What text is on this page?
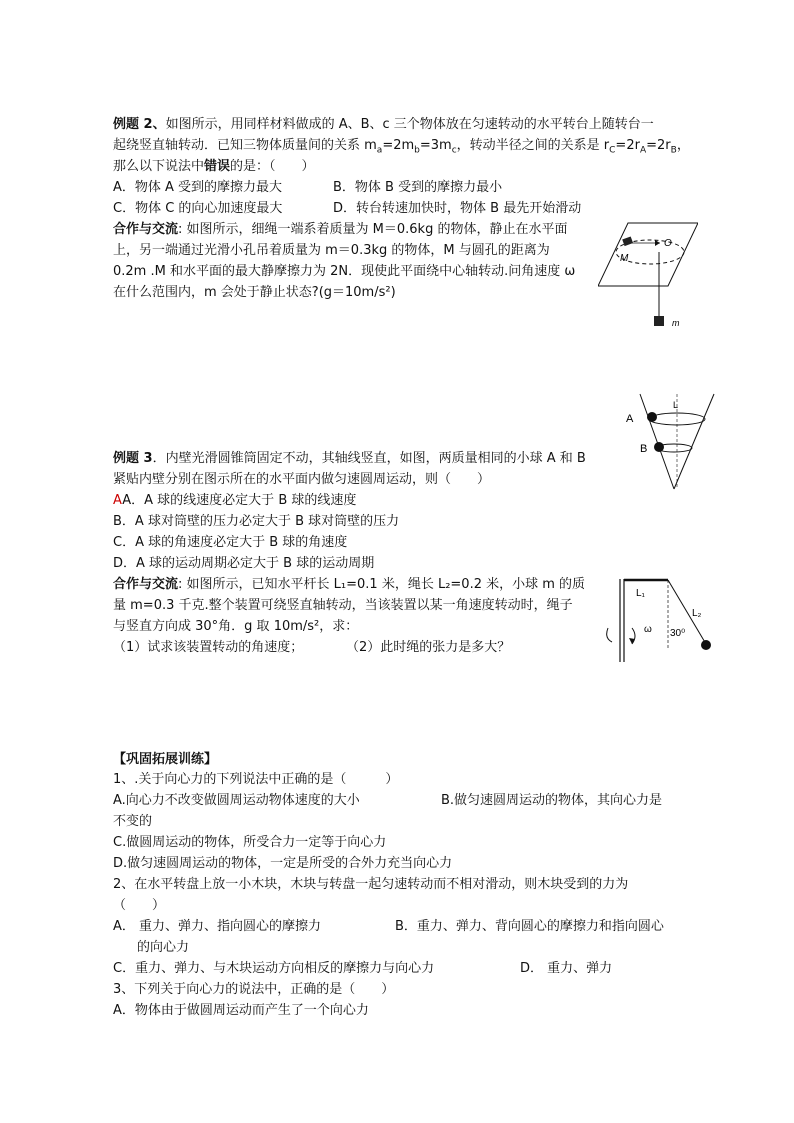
例题 2、如图所示，用同样材料做成的 A、B、c 三个物体放在匀速转动的水平转台上随转台一
起绕竖直轴转动．已知三物体质量间的关系 $m_a=2m_b=3m_c$，转动半径之间的关系是 $r_C=2r_A=2r_B$，
那么以下说法中错误的是：（　　）
A．物体 A 受到的摩擦力最大	B．物体 B 受到的摩擦力最小
C．物体 C 的向心加速度最大	D．转台转速加快时，物体 B 最先开始滑动
合作与交流: 如图所示，细绳一端系着质量为 M＝0.6kg 的物体，静止在水平面
上，另一端通过光滑小孔吊着质量为 m＝0.3kg 的物体，M 与圆孔的距离为
0.2m .M 和水平面的最大静摩擦力为 2N．现使此平面绕中心轴转动.问角速度 ω
在什么范围内，m 会处于静止状态?(g＝10m/s²)
M
O
m
A
B
L
例题 3．内壁光滑圆锥筒固定不动，其轴线竖直，如图，两质量相同的小球 A 和 B
紧贴内壁分别在图示所在的水平面内做匀速圆周运动，则（　　）
AA．A 球的线速度必定大于 B 球的线速度
B．A 球对筒壁的压力必定大于 B 球对筒壁的压力
C．A 球的角速度必定大于 B 球的角速度
D．A 球的运动周期必定大于 B 球的运动周期
合作与交流: 如图所示，已知水平杆长 L₁=0.1 米，绳长 L₂=0.2 米，小球 m 的质
量 m=0.3 千克.整个装置可绕竖直轴转动，当该装置以某一角速度转动时，绳子
与竖直方向成 30°角．g 取 10m/s²，求：
（1）试求该装置转动的角速度；	（2）此时绳的张力是多大？
L₁
L₂
30⁰
ω
【巩固拓展训练】
1、.关于向心力的下列说法中正确的是（　　　）
A.向心力不改变做圆周运动物体速度的大小	B.做匀速圆周运动的物体，其向心力是
不变的
C.做圆周运动的物体，所受合力一定等于向心力
D.做匀速圆周运动的物体，一定是所受的合外力充当向心力
2、在水平转盘上放一小木块，木块与转盘一起匀速转动而不相对滑动，则木块受到的力为
（　　）
A． 重力、弹力、指向圆心的摩擦力	B．重力、弹力、背向圆心的摩擦力和指向圆心
的向心力
C．重力、弹力、与木块运动方向相反的摩擦力与向心力	D． 重力、弹力
3、下列关于向心力的说法中，正确的是（　　）
A．物体由于做圆周运动而产生了一个向心力
